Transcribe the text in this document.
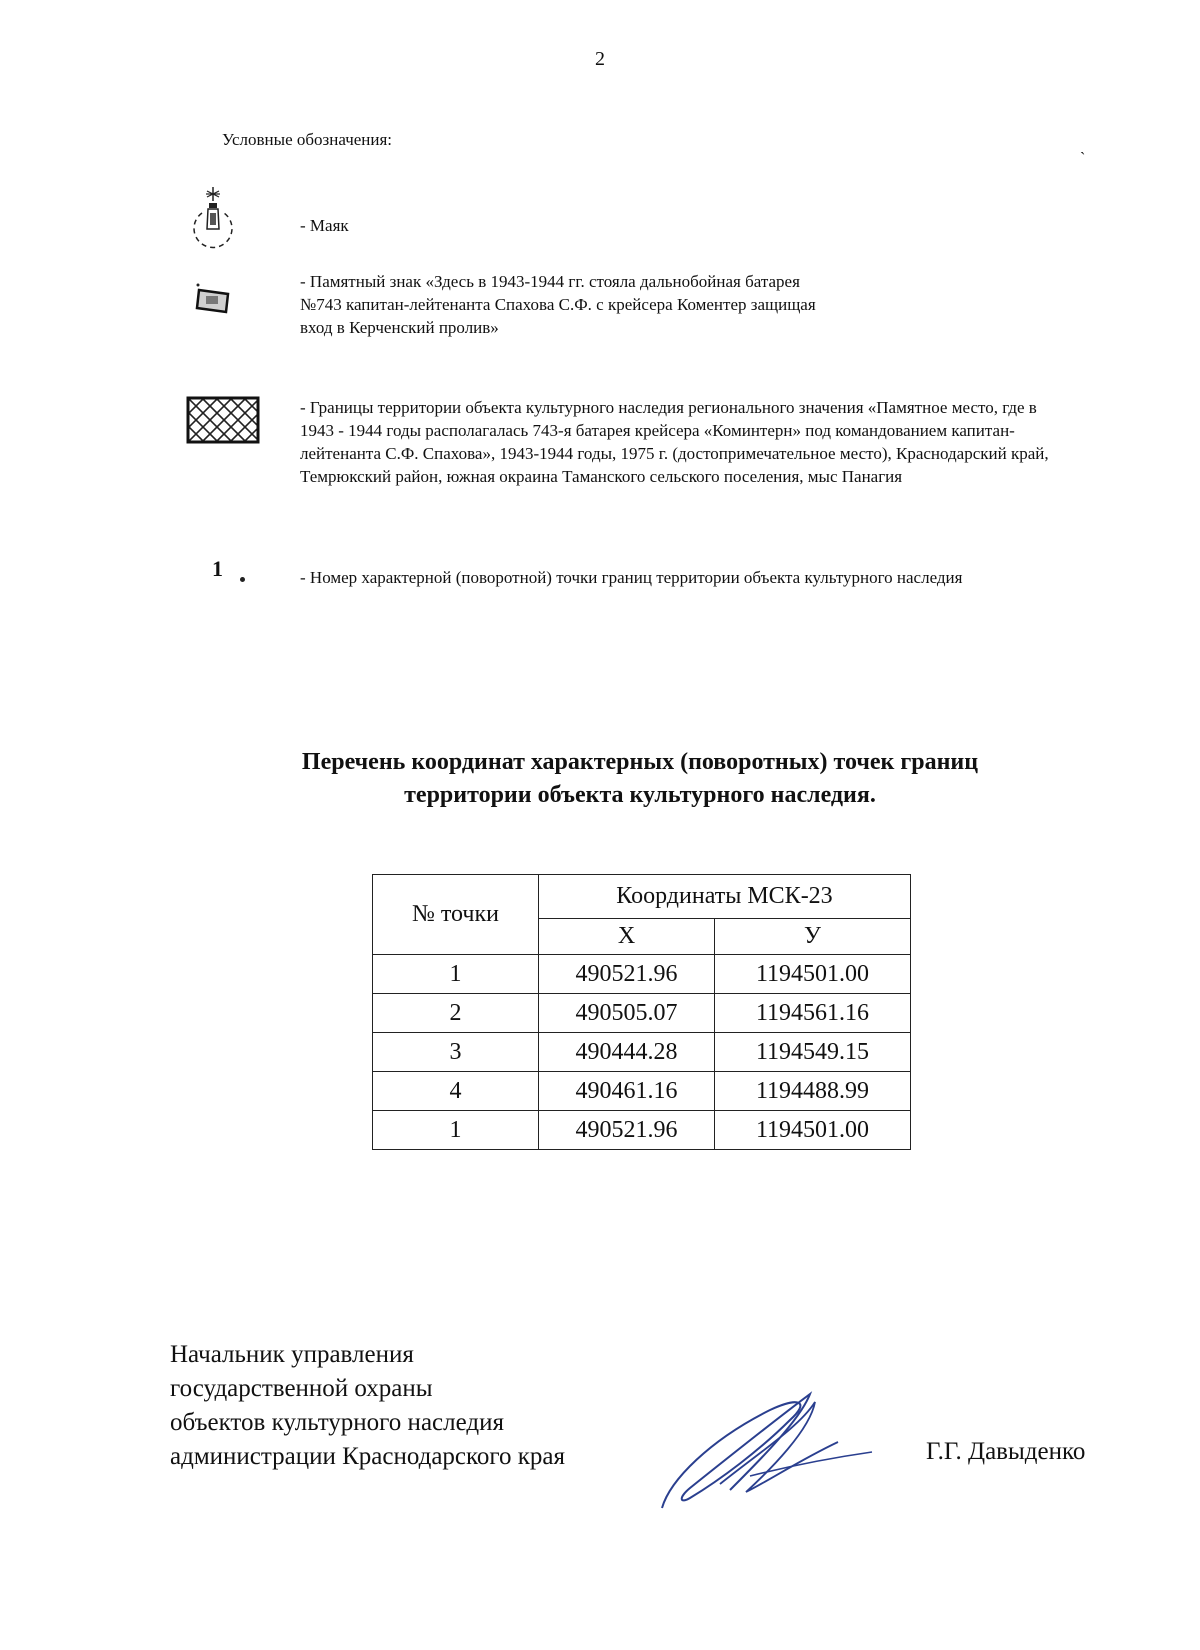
2
`
Условные обозначения:
- Маяк
- Памятный знак «Здесь в 1943-1944 гг. стояла дальнобойная батарея №743 капитан-лейтенанта Спахова С.Ф. с крейсера Коментер защищая вход в Керченский пролив»
- Границы территории объекта культурного наследия регионального значения «Памятное место, где в 1943 - 1944 годы располагалась 743-я батарея крейсера «Коминтерн» под командованием капитан-лейтенанта С.Ф. Спахова», 1943-1944 годы, 1975 г. (достопримечательное место), Краснодарский край, Темрюкский район, южная окраина Таманского сельского поселения, мыс Панагия
1	- Номер характерной (поворотной) точки границ территории объекта культурного наследия
Перечень координат характерных (поворотных) точек границ
территории объекта культурного наследия.
№ точки	Координаты МСК-23	
	Х	У
1	490521.96	1194501.00
2	490505.07	1194561.16
3	490444.28	1194549.15
4	490461.16	1194488.99
1	490521.96	1194501.00
Начальник управления
государственной охраны
объектов культурного наследия
администрации Краснодарского края	Г.Г. Давыденко
